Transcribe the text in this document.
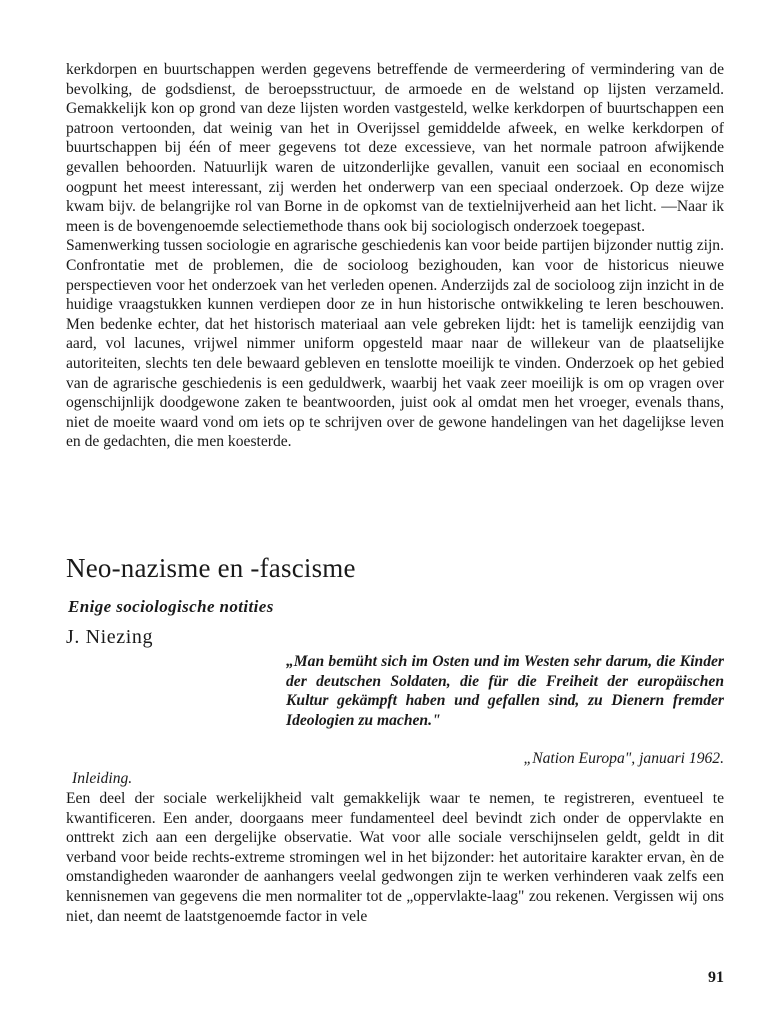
kerkdorpen en buurtschappen werden gegevens betreffende de vermeerdering of vermindering van de bevolking, de godsdienst, de beroepsstructuur, de armoede en de welstand op lijsten verzameld. Gemakkelijk kon op grond van deze lijsten worden vastgesteld, welke kerkdorpen of buurtschappen een patroon vertoonden, dat weinig van het in Overijssel gemiddelde afweek, en welke kerkdorpen of buurtschappen bij één of meer gegevens tot deze excessieve, van het normale patroon afwijkende gevallen behoorden. Natuurlijk waren de uitzonderlijke gevallen, vanuit een sociaal en economisch oogpunt het meest interessant, zij werden het onderwerp van een speciaal onderzoek. Op deze wijze kwam bijv. de belangrijke rol van Borne in de opkomst van de textielnijverheid aan het licht. —Naar ik meen is de bovengenoemde selectiemethode thans ook bij sociologisch onderzoek toegepast.

Samenwerking tussen sociologie en agrarische geschiedenis kan voor beide partijen bijzonder nuttig zijn. Confrontatie met de problemen, die de socioloog bezighouden, kan voor de historicus nieuwe perspectieven voor het onderzoek van het verleden openen. Anderzijds zal de socioloog zijn inzicht in de huidige vraagstukken kunnen verdiepen door ze in hun historische ontwikkeling te leren beschouwen. Men bedenke echter, dat het historisch materiaal aan vele gebreken lijdt: het is tamelijk eenzijdig van aard, vol lacunes, vrijwel nimmer uniform opgesteld maar naar de willekeur van de plaatselijke autoriteiten, slechts ten dele bewaard gebleven en tenslotte moeilijk te vinden. Onderzoek op het gebied van de agrarische geschiedenis is een geduldwerk, waarbij het vaak zeer moeilijk is om op vragen over ogenschijnlijk doodgewone zaken te beantwoorden, juist ook al omdat men het vroeger, evenals thans, niet de moeite waard vond om iets op te schrijven over de gewone handelingen van het dagelijkse leven en de gedachten, die men koesterde.

Neo-nazisme en -fascisme
Enige sociologische notities
J. Niezing
„Man bemüht sich im Osten und im Westen sehr darum, die Kinder der deutschen Soldaten, die für die Freiheit der europäischen Kultur gekämpft haben und gefallen sind, zu Dienern fremder Ideologien zu machen."
„Nation Europa", januari 1962.
Inleiding.

Een deel der sociale werkelijkheid valt gemakkelijk waar te nemen, te registreren, eventueel te kwantificeren. Een ander, doorgaans meer fundamenteel deel bevindt zich onder de oppervlakte en onttrekt zich aan een dergelijke observatie. Wat voor alle sociale verschijnselen geldt, geldt in dit verband voor beide rechts-extreme stromingen wel in het bijzonder: het autoritaire karakter ervan, èn de omstandigheden waaronder de aanhangers veelal gedwongen zijn te werken verhinderen vaak zelfs een kennisnemen van gegevens die men normaliter tot de „oppervlakte-laag" zou rekenen. Vergissen wij ons niet, dan neemt de laatstgenoemde factor in vele

91
